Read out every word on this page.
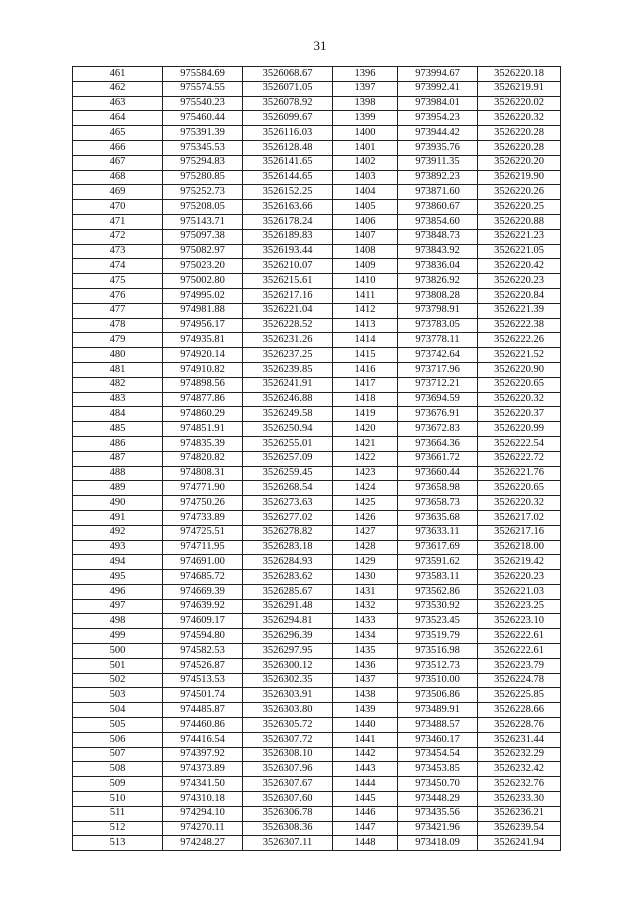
31
461	975584.69	3526068.67	1396	973994.67	3526220.18
462	975574.55	3526071.05	1397	973992.41	3526219.91
463	975540.23	3526078.92	1398	973984.01	3526220.02
464	975460.44	3526099.67	1399	973954.23	3526220.32
465	975391.39	3526116.03	1400	973944.42	3526220.28
466	975345.53	3526128.48	1401	973935.76	3526220.28
467	975294.83	3526141.65	1402	973911.35	3526220.20
468	975280.85	3526144.65	1403	973892.23	3526219.90
469	975252.73	3526152.25	1404	973871.60	3526220.26
470	975208.05	3526163.66	1405	973860.67	3526220.25
471	975143.71	3526178.24	1406	973854.60	3526220.88
472	975097.38	3526189.83	1407	973848.73	3526221.23
473	975082.97	3526193.44	1408	973843.92	3526221.05
474	975023.20	3526210.07	1409	973836.04	3526220.42
475	975002.80	3526215.61	1410	973826.92	3526220.23
476	974995.02	3526217.16	1411	973808.28	3526220.84
477	974981.88	3526221.04	1412	973798.91	3526221.39
478	974956.17	3526228.52	1413	973783.05	3526222.38
479	974935.81	3526231.26	1414	973778.11	3526222.26
480	974920.14	3526237.25	1415	973742.64	3526221.52
481	974910.82	3526239.85	1416	973717.96	3526220.90
482	974898.56	3526241.91	1417	973712.21	3526220.65
483	974877.86	3526246.88	1418	973694.59	3526220.32
484	974860.29	3526249.58	1419	973676.91	3526220.37
485	974851.91	3526250.94	1420	973672.83	3526220.99
486	974835.39	3526255.01	1421	973664.36	3526222.54
487	974820.82	3526257.09	1422	973661.72	3526222.72
488	974808.31	3526259.45	1423	973660.44	3526221.76
489	974771.90	3526268.54	1424	973658.98	3526220.65
490	974750.26	3526273.63	1425	973658.73	3526220.32
491	974733.89	3526277.02	1426	973635.68	3526217.02
492	974725.51	3526278.82	1427	973633.11	3526217.16
493	974711.95	3526283.18	1428	973617.69	3526218.00
494	974691.00	3526284.93	1429	973591.62	3526219.42
495	974685.72	3526283.62	1430	973583.11	3526220.23
496	974669.39	3526285.67	1431	973562.86	3526221.03
497	974639.92	3526291.48	1432	973530.92	3526223.25
498	974609.17	3526294.81	1433	973523.45	3526223.10
499	974594.80	3526296.39	1434	973519.79	3526222.61
500	974582.53	3526297.95	1435	973516.98	3526222.61
501	974526.87	3526300.12	1436	973512.73	3526223.79
502	974513.53	3526302.35	1437	973510.00	3526224.78
503	974501.74	3526303.91	1438	973506.86	3526225.85
504	974485.87	3526303.80	1439	973489.91	3526228.66
505	974460.86	3526305.72	1440	973488.57	3526228.76
506	974416.54	3526307.72	1441	973460.17	3526231.44
507	974397.92	3526308.10	1442	973454.54	3526232.29
508	974373.89	3526307.96	1443	973453.85	3526232.42
509	974341.50	3526307.67	1444	973450.70	3526232.76
510	974310.18	3526307.60	1445	973448.29	3526233.30
511	974294.10	3526306.78	1446	973435.56	3526236.21
512	974270.11	3526308.36	1447	973421.96	3526239.54
513	974248.27	3526307.11	1448	973418.09	3526241.94
